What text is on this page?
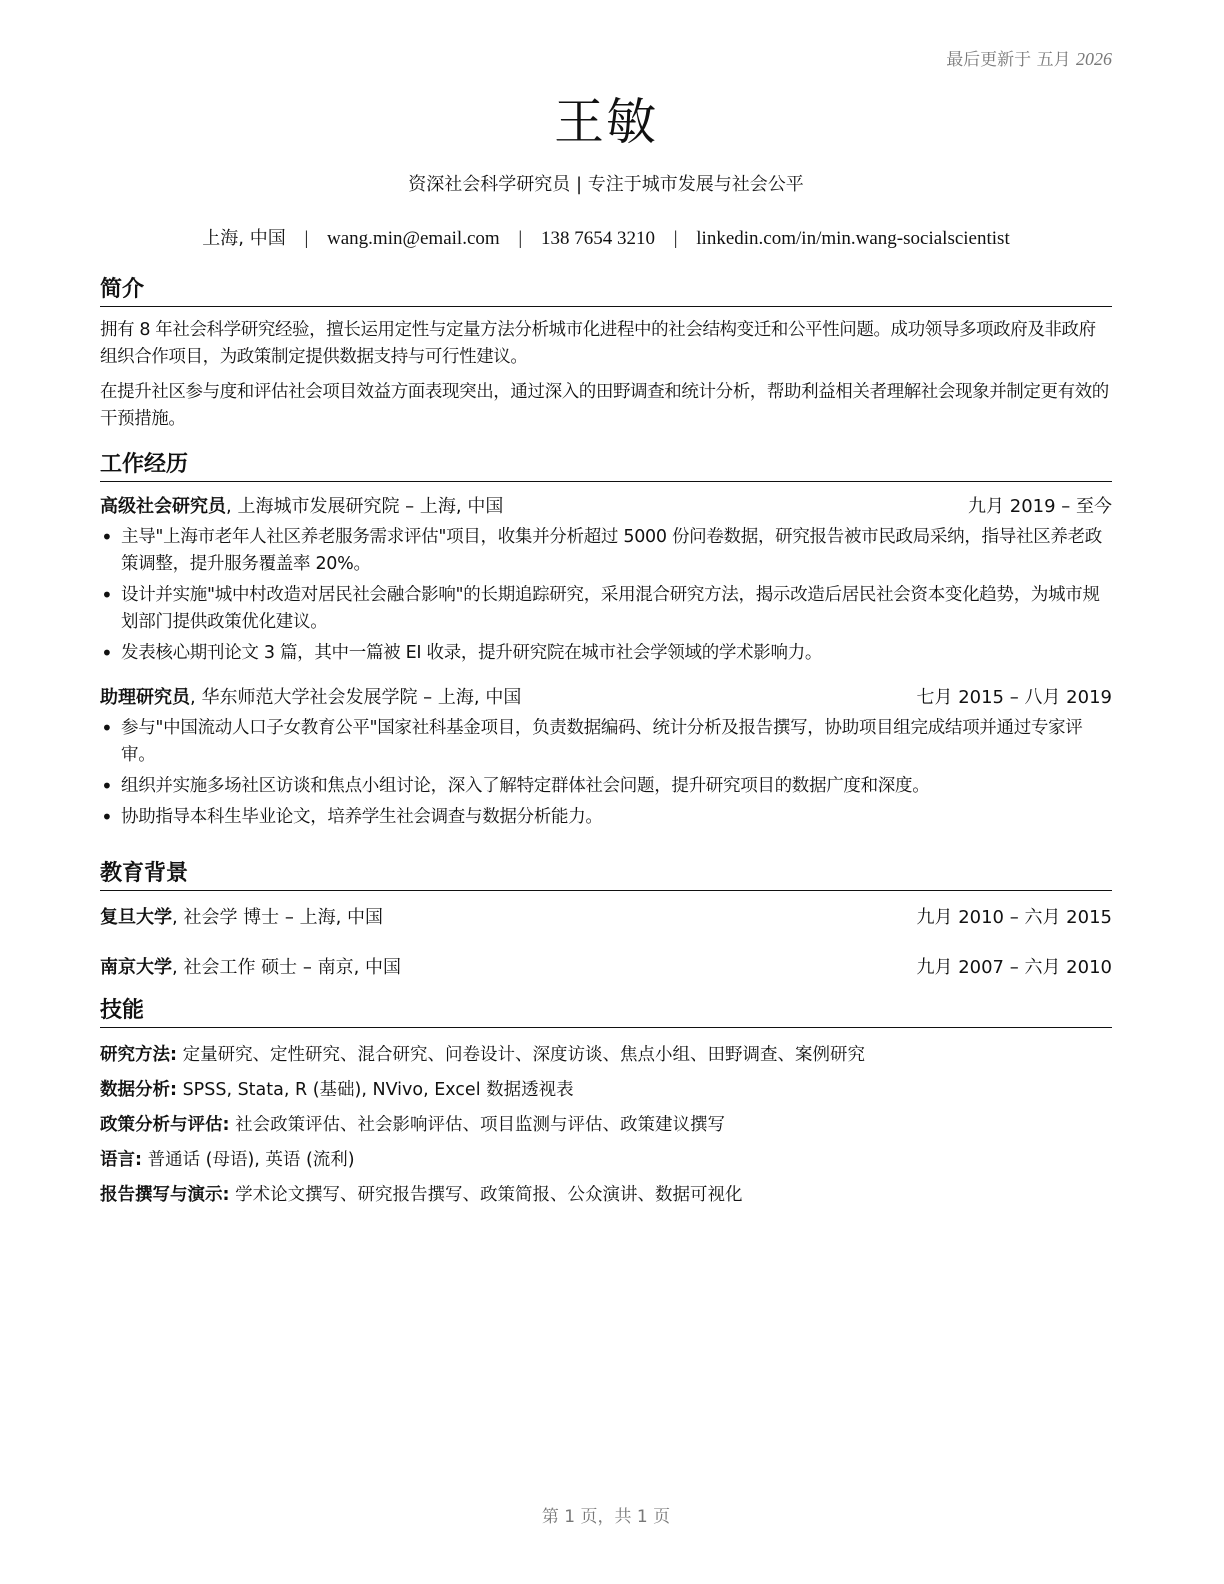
最后更新于 五月 2026
王敏
资深社会科学研究员 | 专注于城市发展与社会公平
上海, 中国 | wang.min@email.com | 138 7654 3210 | linkedin.com/in/min.wang-socialscientist
简介

拥有 8 年社会科学研究经验，擅长运用定性与定量方法分析城市化进程中的社会结构变迁和公平性问题。成功领导多项政府及非政府组织合作项目，为政策制定提供数据支持与可行性建议。

在提升社区参与度和评估社会项目效益方面表现突出，通过深入的田野调查和统计分析，帮助利益相关者理解社会现象并制定更有效的干预措施。

工作经历
高级社会研究员, 上海城市发展研究院 – 上海, 中国	九月 2019 – 至今
• 主导"上海市老年人社区养老服务需求评估"项目，收集并分析超过 5000 份问卷数据，研究报告被市民政局采纳，指导社区养老政策调整，提升服务覆盖率 20%。
• 设计并实施"城中村改造对居民社会融合影响"的长期追踪研究，采用混合研究方法，揭示改造后居民社会资本变化趋势，为城市规划部门提供政策优化建议。
• 发表核心期刊论文 3 篇，其中一篇被 EI 收录，提升研究院在城市社会学领域的学术影响力。
助理研究员, 华东师范大学社会发展学院 – 上海, 中国	七月 2015 – 八月 2019
• 参与"中国流动人口子女教育公平"国家社科基金项目，负责数据编码、统计分析及报告撰写，协助项目组完成结项并通过专家评审。
• 组织并实施多场社区访谈和焦点小组讨论，深入了解特定群体社会问题，提升研究项目的数据广度和深度。
• 协助指导本科生毕业论文，培养学生社会调查与数据分析能力。
教育背景
复旦大学, 社会学 博士 – 上海, 中国	九月 2010 – 六月 2015
南京大学, 社会工作 硕士 – 南京, 中国	九月 2007 – 六月 2010
技能
研究方法: 定量研究、定性研究、混合研究、问卷设计、深度访谈、焦点小组、田野调查、案例研究
数据分析: SPSS, Stata, R (基础), NVivo, Excel 数据透视表
政策分析与评估: 社会政策评估、社会影响评估、项目监测与评估、政策建议撰写
语言: 普通话 (母语), 英语 (流利)
报告撰写与演示: 学术论文撰写、研究报告撰写、政策简报、公众演讲、数据可视化
第 1 页，共 1 页
